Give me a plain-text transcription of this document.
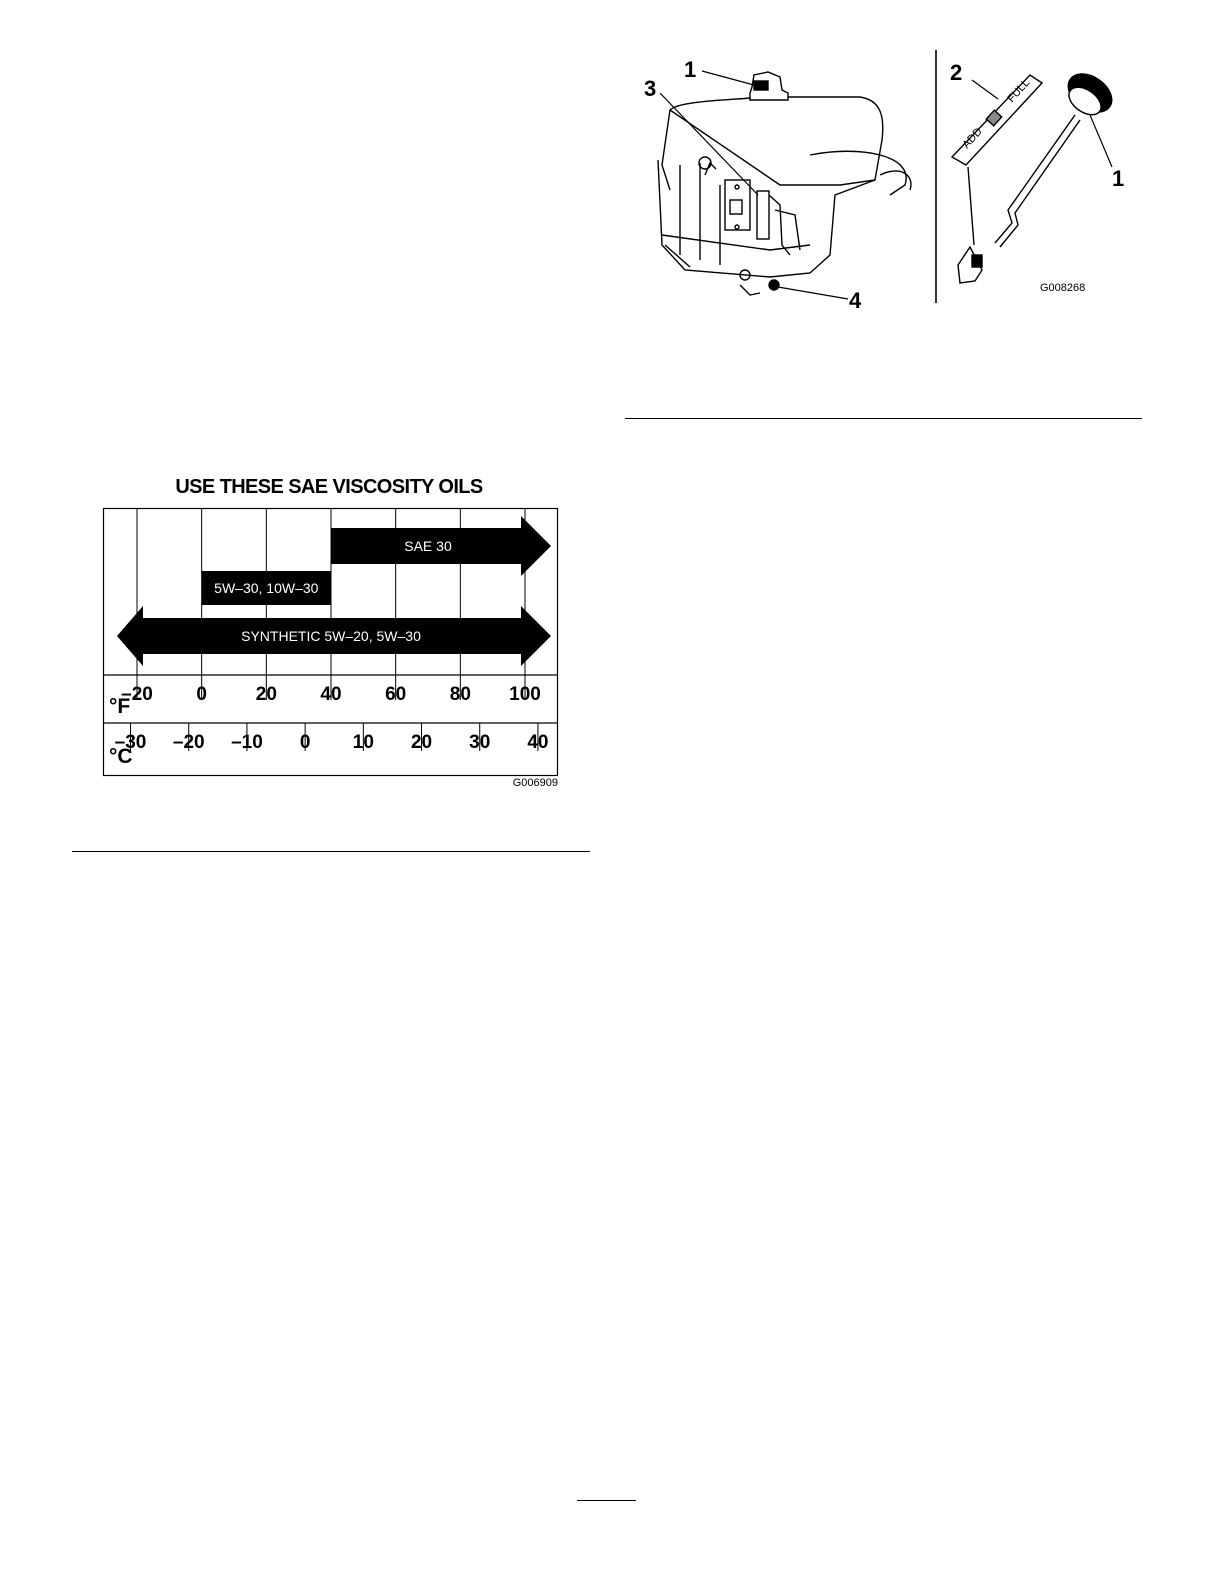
ADD
FULL
1
3
4
2
1
G008268
USE THESE SAE VISCOSITY OILS
SAE 30
5W–30, 10W–30
SYNTHETIC 5W–20, 5W–30
–20 0	20 40 60 80 100
–30 –20 –10 0 10 20 30 40
°F
°C
G006909
